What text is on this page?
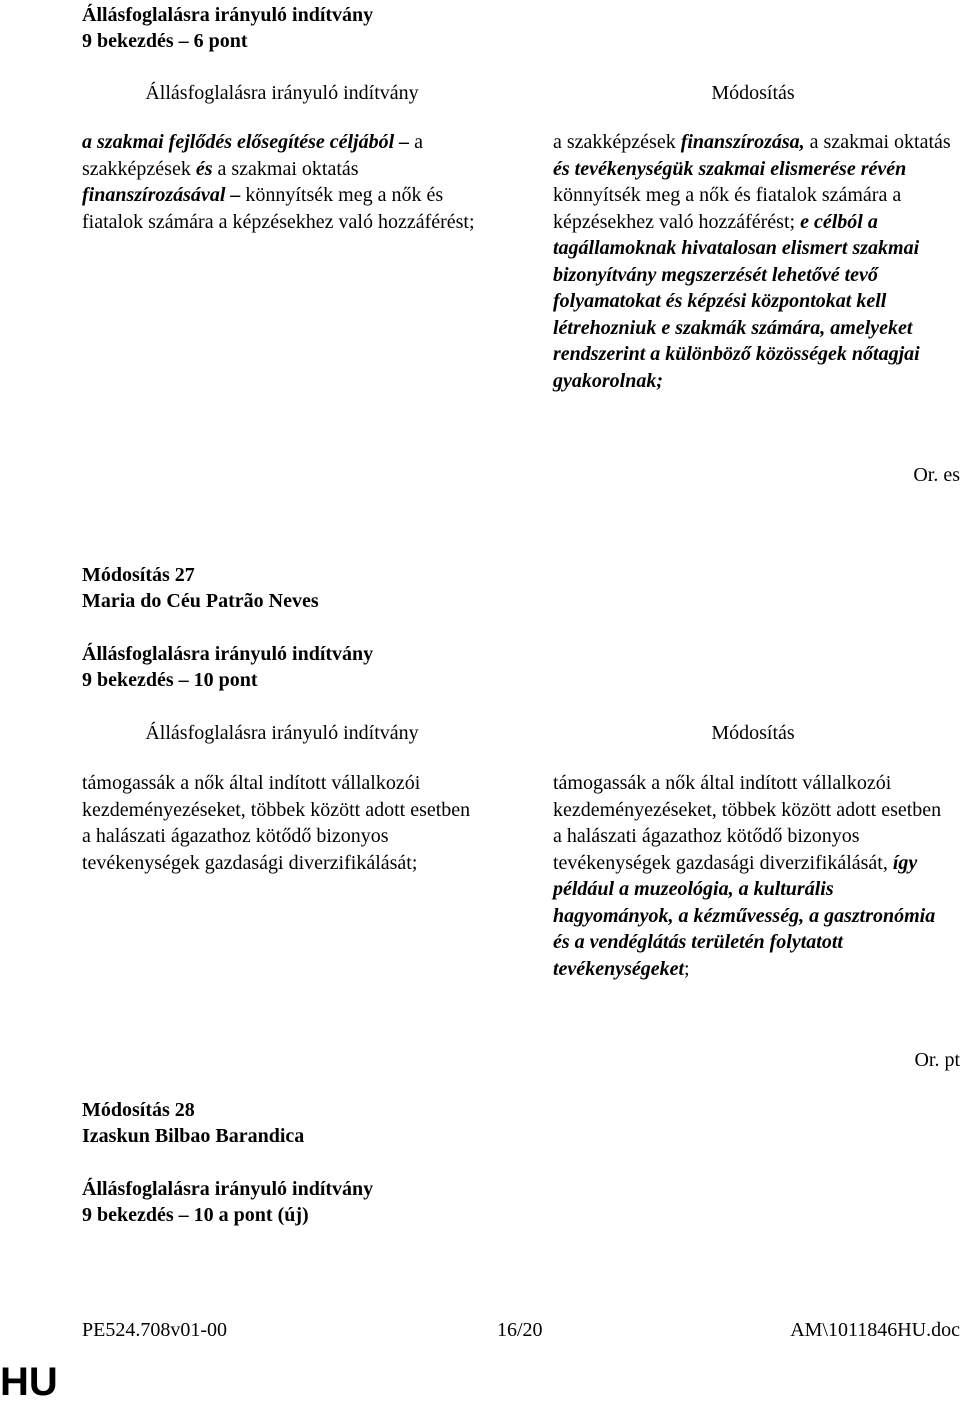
Állásfoglalásra irányuló indítvány
9 bekezdés – 6 pont
Állásfoglalásra irányuló indítvány	Módosítás

a szakmai fejlődés elősegítése céljából – a szakképzések és a szakmai oktatás finanszírozásával – könnyítsék meg a nők és fiatalok számára a képzésekhez való hozzáférést;

a szakképzések finanszírozása, a szakmai oktatás és tevékenységük szakmai elismerése révén könnyítsék meg a nők és fiatalok számára a képzésekhez való hozzáférést; e célból a tagállamoknak hivatalosan elismert szakmai bizonyítvány megszerzését lehetővé tevő folyamatokat és képzési központokat kell létrehozniuk e szakmák számára, amelyeket rendszerint a különböző közösségek nőtagjai gyakorolnak;

Or. es
Módosítás 27
Maria do Céu Patrão Neves
Állásfoglalásra irányuló indítvány
9 bekezdés – 10 pont
Állásfoglalásra irányuló indítvány	Módosítás

támogassák a nők által indított vállalkozói kezdeményezéseket, többek között adott esetben a halászati ágazathoz kötődő bizonyos tevékenységek gazdasági diverzifikálását;

támogassák a nők által indított vállalkozói kezdeményezéseket, többek között adott esetben a halászati ágazathoz kötődő bizonyos tevékenységek gazdasági diverzifikálását, így például a muzeológia, a kulturális hagyományok, a kézművesség, a gasztronómia és a vendéglátás területén folytatott tevékenységeket;

Or. pt
Módosítás 28
Izaskun Bilbao Barandica
Állásfoglalásra irányuló indítvány
9 bekezdés – 10 a pont (új)
PE524.708v01-00	16/20	AM\1011846HU.doc
HU
